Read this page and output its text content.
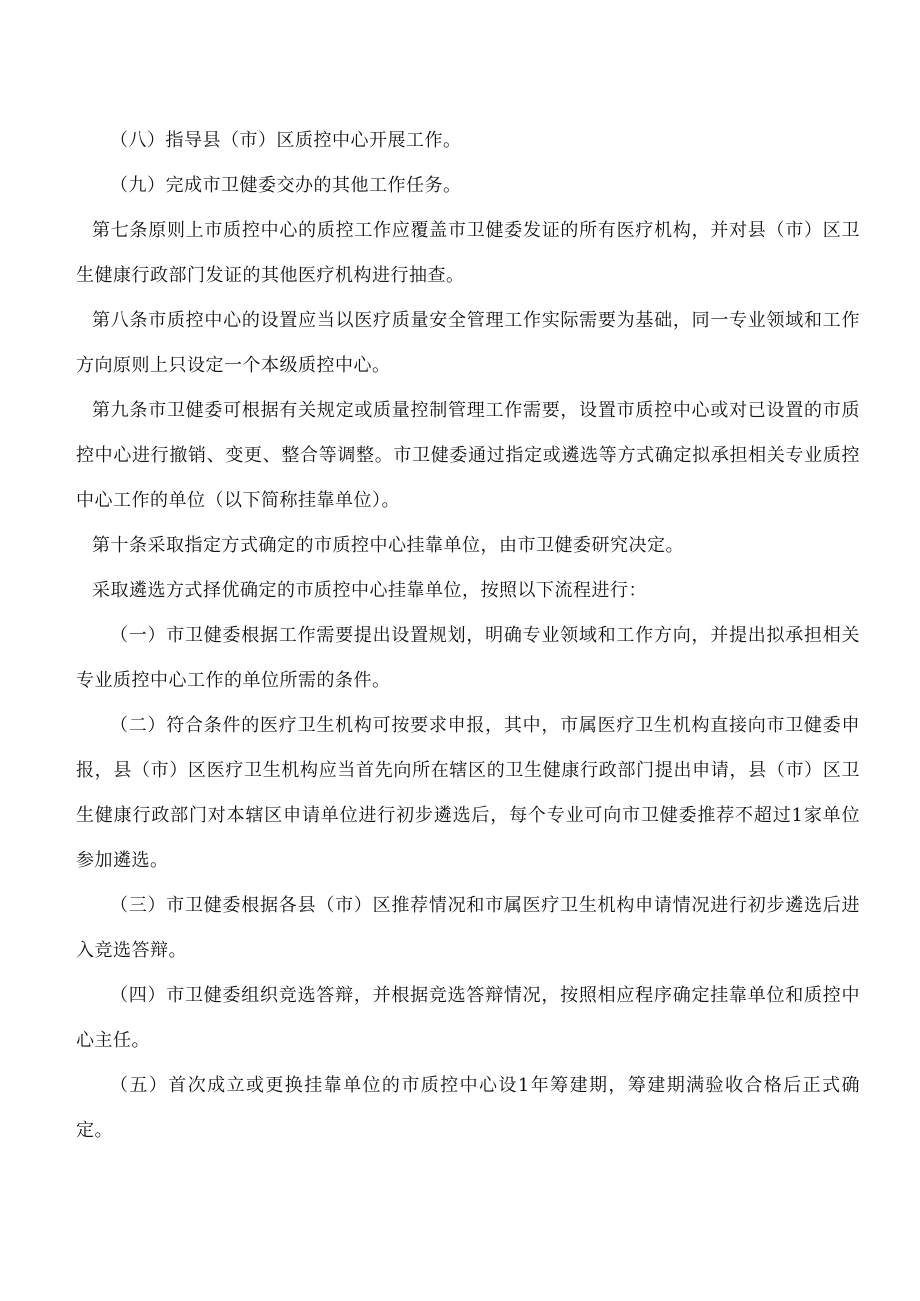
（八）指导县（市）区质控中心开展工作。

（九）完成市卫健委交办的其他工作任务。

第七条原则上市质控中心的质控工作应覆盖市卫健委发证的所有医疗机构，并对县（市）区卫生健康行政部门发证的其他医疗机构进行抽查。

第八条市质控中心的设置应当以医疗质量安全管理工作实际需要为基础，同一专业领域和工作方向原则上只设定一个本级质控中心。

第九条市卫健委可根据有关规定或质量控制管理工作需要，设置市质控中心或对已设置的市质控中心进行撤销、变更、整合等调整。市卫健委通过指定或遴选等方式确定拟承担相关专业质控中心工作的单位（以下简称挂靠单位）。

第十条采取指定方式确定的市质控中心挂靠单位，由市卫健委研究决定。

采取遴选方式择优确定的市质控中心挂靠单位，按照以下流程进行：

（一）市卫健委根据工作需要提出设置规划，明确专业领域和工作方向，并提出拟承担相关专业质控中心工作的单位所需的条件。

（二）符合条件的医疗卫生机构可按要求申报，其中，市属医疗卫生机构直接向市卫健委申报，县（市）区医疗卫生机构应当首先向所在辖区的卫生健康行政部门提出申请，县（市）区卫生健康行政部门对本辖区申请单位进行初步遴选后，每个专业可向市卫健委推荐不超过1家单位参加遴选。

（三）市卫健委根据各县（市）区推荐情况和市属医疗卫生机构申请情况进行初步遴选后进入竞选答辩。

（四）市卫健委组织竞选答辩，并根据竞选答辩情况，按照相应程序确定挂靠单位和质控中心主任。

（五）首次成立或更换挂靠单位的市质控中心设1年筹建期，筹建期满验收合格后正式确定。
